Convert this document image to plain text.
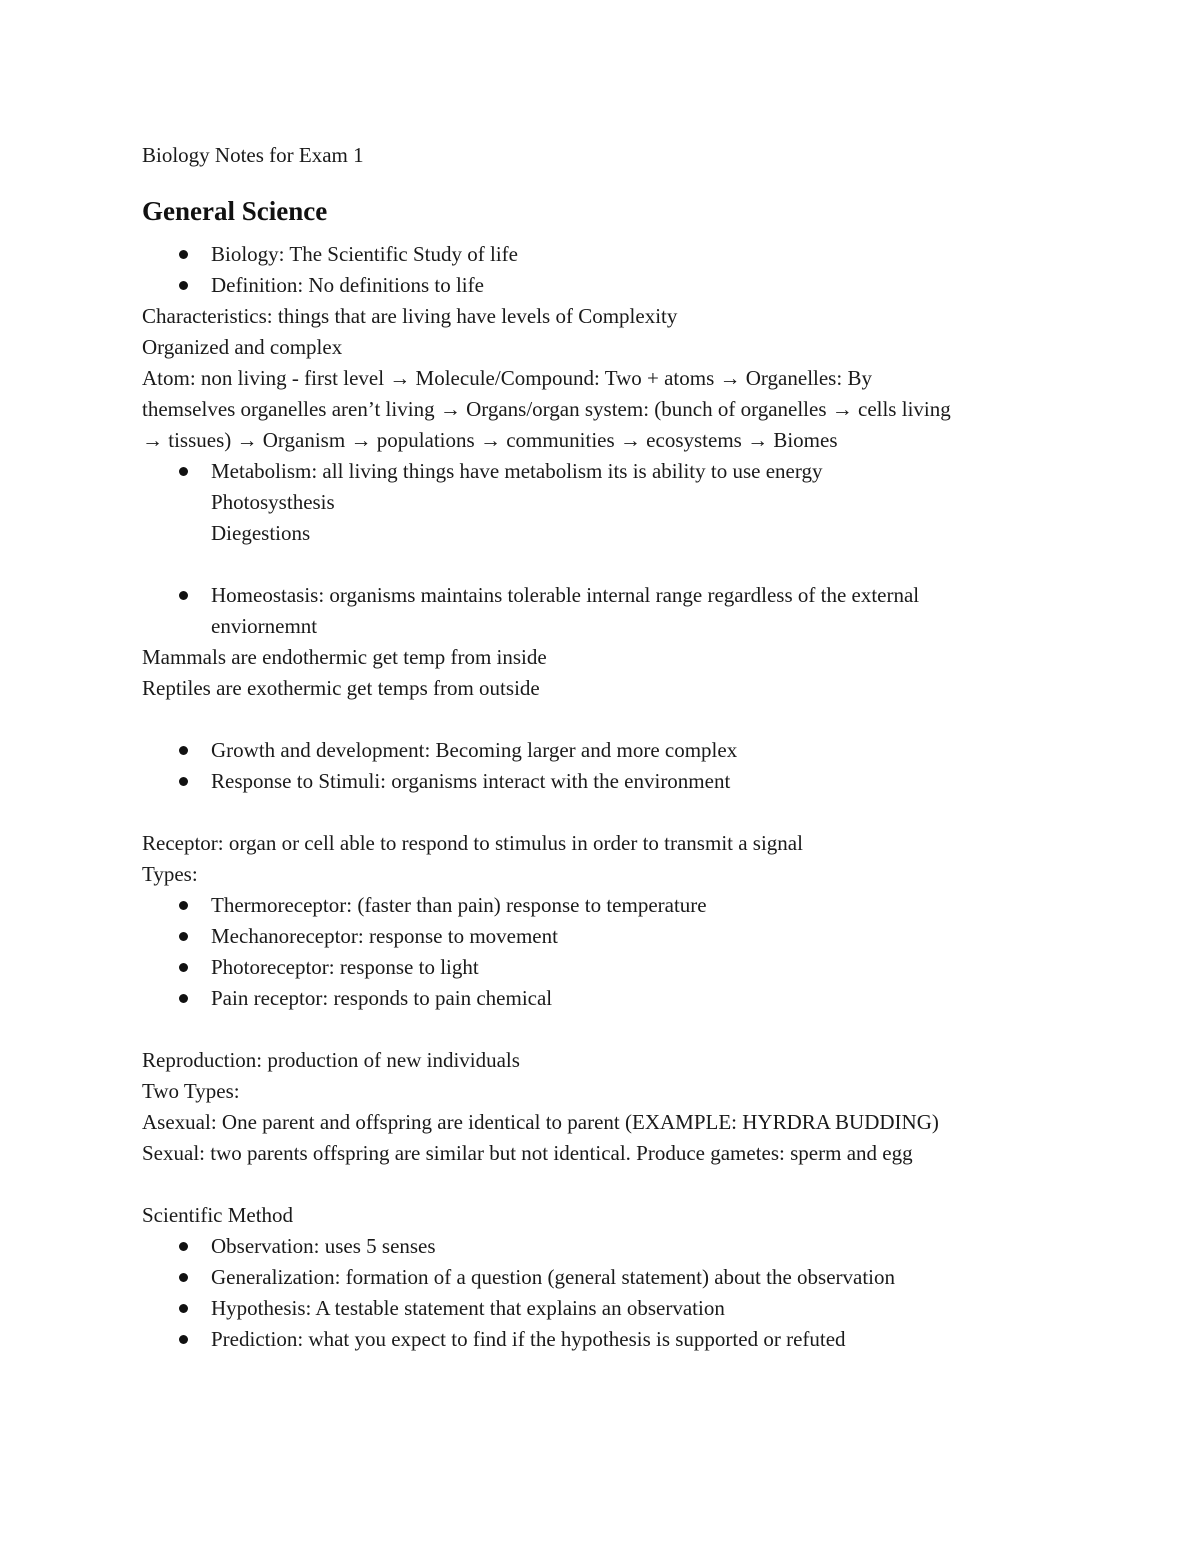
Biology Notes for Exam 1

General Science
Biology: The Scientific Study of life
Definition: No definitions to life

Characteristics: things that are living have levels of Complexity

Organized and complex

Atom: non living - first level → Molecule/Compound: Two + atoms → Organelles: By

themselves organelles aren’t living → Organs/organ system: (bunch of organelles → cells living

→ tissues) → Organism → populations → communities → ecosystems → Biomes

Metabolism: all living things have metabolism its is ability to use energy
Photosysthesis
Diegestions
Homeostasis: organisms maintains tolerable internal range regardless of the external
enviornemnt

Mammals are endothermic get temp from inside

Reptiles are exothermic get temps from outside

Growth and development: Becoming larger and more complex
Response to Stimuli: organisms interact with the environment

Receptor: organ or cell able to respond to stimulus in order to transmit a signal

Types:

Thermoreceptor: (faster than pain) response to temperature
Mechanoreceptor: response to movement
Photoreceptor: response to light
Pain receptor: responds to pain chemical

Reproduction: production of new individuals

Two Types:

Asexual: One parent and offspring are identical to parent (EXAMPLE: HYRDRA BUDDING)

Sexual: two parents offspring are similar but not identical. Produce gametes: sperm and egg

Scientific Method

Observation: uses 5 senses
Generalization: formation of a question (general statement) about the observation
Hypothesis: A testable statement that explains an observation
Prediction: what you expect to find if the hypothesis is supported or refuted
